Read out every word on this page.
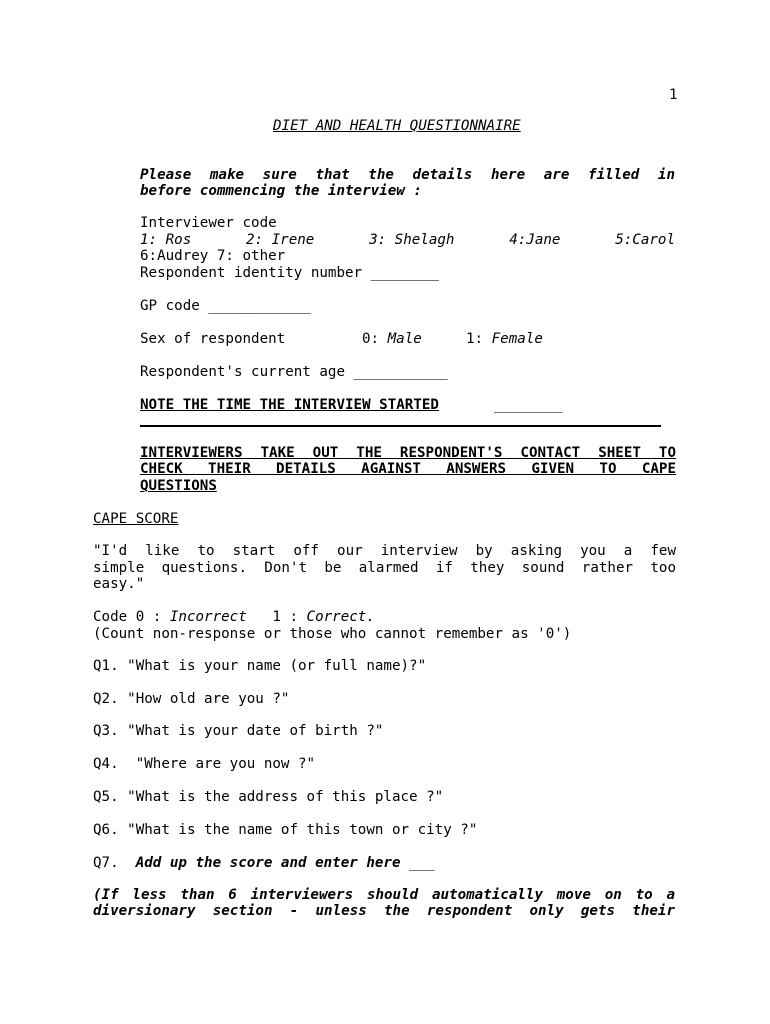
1
DIET AND HEALTH QUESTIONNAIRE
Please make sure that the details here are filled in
before commencing the interview :
Interviewer code
1: Ros	2: Irene	3: Shelagh	4:Jane	5:Carol
6:Audrey 7: other
Respondent identity number ________
GP code ____________
Sex of respondent	0: Male	1: Female
Respondent's current age ___________
NOTE THE TIME THE INTERVIEW STARTED	________
INTERVIEWERS TAKE OUT THE RESPONDENT'S CONTACT SHEET TO
CHECK THEIR DETAILS AGAINST ANSWERS GIVEN TO CAPE
QUESTIONS
CAPE SCORE
"I'd like to start off our interview by asking you a few
simple questions. Don't be alarmed if they sound rather too
easy."
Code 0 : Incorrect   1 : Correct.
(Count non-response or those who cannot remember as '0')
Q1. "What is your name (or full name)?"
Q2. "How old are you ?"
Q3. "What is your date of birth ?"
Q4.  "Where are you now ?"
Q5. "What is the address of this place ?"
Q6. "What is the name of this town or city ?"
Q7.  Add up the score and enter here ___
(If less than 6 interviewers should automatically move on to a
diversionary section - unless the respondent only gets their
